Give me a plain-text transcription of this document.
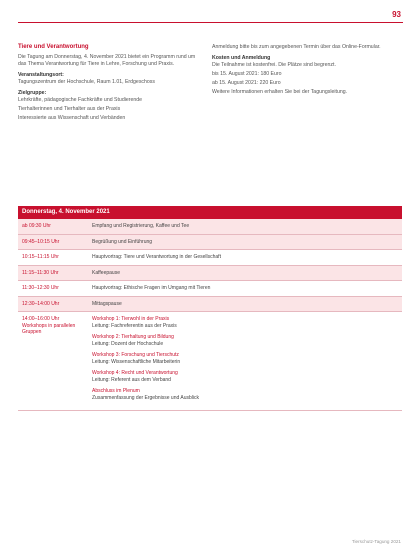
93
Tiere und Verantwortung
Die Tagung am Donnerstag, 4. November 2021 bietet ein Programm rund um das Thema Verantwortung für Tiere in Lehre, Forschung und Praxis.
Veranstaltungsort:
Tagungszentrum der Hochschule, Raum 1.01, Erdgeschoss
Zielgruppe:
Lehrkräfte, pädagogische Fachkräfte und Studierende
Tierhalterinnen und Tierhalter aus der Praxis
Interessierte aus Wissenschaft und Verbänden
Anmeldung bitte bis zum angegebenen Termin über das Online-Formular.
Kosten und Anmeldung
Die Teilnahme ist kostenfrei. Die Plätze sind begrenzt.
bis 15. August 2021: 180 Euro
ab 15. August 2021: 220 Euro
Weitere Informationen erhalten Sie bei der Tagungsleitung.
Donnerstag, 4. November 2021
ab 09:30 Uhr	Empfang und Registrierung, Kaffee und Tee
09:45–10:15 Uhr	Begrüßung und Einführung
10:15–11:15 Uhr	Hauptvortrag: Tiere und Verantwortung in der Gesellschaft
11:15–11:30 Uhr	Kaffeepause
11:30–12:30 Uhr	Hauptvortrag: Ethische Fragen im Umgang mit Tieren
12:30–14:00 Uhr	Mittagspause
14:00–16:00 Uhr
Workshops in parallelen Gruppen
Workshop 1: Tierwohl in der Praxis
Leitung: Fachreferentin aus der Praxis
Workshop 2: Tierhaltung und Bildung
Leitung: Dozent der Hochschule
Workshop 3: Forschung und Tierschutz
Leitung: Wissenschaftliche Mitarbeiterin
Workshop 4: Recht und Verantwortung
Leitung: Referent aus dem Verband
Abschluss im Plenum
Zusammenfassung der Ergebnisse und Ausblick
Tierschutz-Tagung 2021
